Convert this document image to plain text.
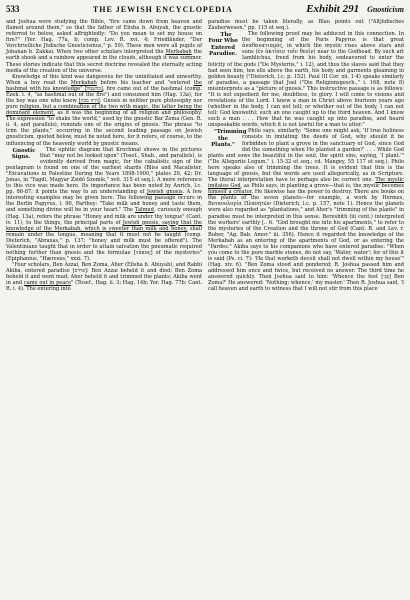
533	THE JEWISH ENCYCLOPEDIA	Exhibit 291 Gnosticism

and Joshua were studying the Bible, "fire came down from heaven and flamed around them," so that the father of Elisha b. Abuyah, the gnostic referred to below, asked affrightedly: "Do you mean to set my house on fire?" (Yer. Hag. 77a, b; comp. Lev. R. xvi. 4; Friedländer, "Der Vorchristliche Jüdische Gnosticismus," p. 59). These men were all pupils of Johanan b. Zakkai. When two other scholars interpreted the Merkabah the earth shook and a rainbow appeared in the clouds, although it was summer. These stories indicate that this secret doctrine revealed the eternally acting media of the creation of the universe.

Knowledge of this kind was dangerous for the uninitiated and unworthy. When a boy read the Merkabah before his teacher and "entered the hashmal with his knowledge" [בהשמל], fire came out of the hashmal (comp. Ezek. i. 4, "as hashmal out of the fire") and consumed him (Hag. 13a), for the boy was one who knew [היה מבין]. Gnosis in neither pure philosophy nor pure religion, but a combination of the two with magic, the latter being the dominant element, as it was the beginning of all religion and philosophy. The expression "to shake the world," used by the gnostic Bar Zoma (Gen. R. ii. 4, and parallels), reminds one of the origins of gnosis. The phrase "to trim the plants," occurring in the second leading passage on Jewish gnosticism, quoted below, must be noted here, for it refers, of course, to the influencing of the heavenly world by gnostic means.

Gnostic Signs.
The ophitic diagram that Krochmal shows in the pictures that "may not be looked upon" (Tosef., Shab., and parallels), is evidently derived from magic, for the cabalistic sign of the pentagram is found on one of the earliest shards (Bliss and Macalister, "Excavations in Palestine During the Years 1898-1900," plates 29, 42; Dr. Jonas, in "Yagdi, Magyar Zsidó Szemle," xvii. 315 et seq.). A more reference to this vice was made here. Its importance has been noted by Anrich, l.c. pp. 86-87; it points the way to an understanding of Jewish gnosis. A few interesting examples may be given here. The following passage occurs in the Berlin Papyrus, l. 90, Parthey: "Take milk and honey and taste them, and something divine will be in your heart." The Talmud, curiously enough (Hag. 13a), refers the phrase "Honey and milk are under thy tongue" (Cant. iv. 11), to the things, the principal parts of Jewish gnosis, saying that the knowledge of the Merkabah, which is sweeter than milk and honey, shall remain under the tongue, meaning that it must not be taught (comp. Dieterich, "Abraxas," p. 137; "honey and milk must be offered"). The Valentinians taught that in order to attain salvation the pneumatic required nothing further than gnosis and the formulae [τύπος] of the mysteries" (Epiphanius, "Hæreses," xxxi. 7).

"Four scholars, Ben Azzai, Ben Zoma, Aher (Elisha b. Abuyah), and Rabbi Akiba, entered paradise [פרדס]: Ben Azzai beheld it and died; Ben Zoma beheld it and went mad; Aher beheld it and trimmed the plants; Akiba went in and came out in peace" (Tosef., Hag. ii. 3; Hag. 14b; Yer. Hag. 77b; Cant. R. i. 4). The entering into

paradise must be taken literally, as Blau points out ("Altjüdisches Zauberwesen," pp. 115 et seq.).

The Four Who Entered Paradise.
The following proof may be adduced in this connection. In the beginning of the Paris Papyrus is that great ἀναθανατισμός, in which the mystic rises above stars and suns (ἐν ἀκτῖσιν τοῖν θεοῖν) near to the Godhead. By such art Iamblichus, freed from his body, endeavored to enter the felicity of the gods ("De Mysteriis," i. 12), and thus the slaves said that they had seen him, ten ells above the earth, his body and garments gleaming in golden beauty ("Dieterich, l.c. p. 152). Paul (II Cor. xii. 1-4) speaks similarly of paradise, a passage that Joel ("Die Religionsgesch.," i. 168, note 8) misinterprets as a "picture of gnosis." This instructive passage is as follows: "It is not expedient for me, doubtless, to glory. I will come to visions and revelations of the Lord. I knew a man in Christ above fourteen years ago (whether in the body, I can not tell; or whether out of the body, I can not tell: God knoweth); such an one caught up to the third heaven. And I know such a man . . . How that he was caught up into paradise, and heard unspeakable words, which it is not lawful for a man to utter."

"Trimming the Plants."
Philo says, similarly: "Some one might ask, 'If true holiness consists in imitating the deeds of God, why should it be forbidden to plant a grove in the sanctuary of God, since God did the something when He planted a garden?' . . . While God plants and sows the beautiful in the soul, the spirit sins, saying, 'I plant.'" ("De Allegoriis Legum," i. 15-32 et seq.; cd. Mangey, 55 117 et seq.). Philo here speaks also of trimming the trees. It is evident that this is the language of gnosis, but the words are used allegorically, as in Scripture. The literal interpretation have to perhaps also be correct one. The mystic imitates God, as Philo says, in planting a grove—that is, the mystic becomes himself a creator. He likewise has the power to destroy. There are books on the plants of the seven planets—for example, a work by Hermes, Βοτανολογία Πλανητῶν (Dieterich, l.c. p. 157, note 1). Hence the planets were also regarded as "plantations," and Aher's "trimming of the plants" in paradise must be interpreted in this sense. Bereshith (iii cent.) interpreted the workers' earthly [.. 6. "God brought me into his apartments," to refer to the mysteries of the Creation and the throne of God (Cant. R. and Lev. r. Buber, "Ag. Bab. Amor." iii. 356). Hence it regarded the knowledge of the Merkabah as an entering of the apartments of God, or as entering the "Pardes." Akiba says to his companions who have entered paradise: "When you come to the pure marble stones, do not say, 'Water, water'; for of this it is said (Ps. ci. 7): 'He that worketh deceit shall not dwell within my house'" (Hag. xiv. 6). "Ben Zoma stood and pondered; R. Joshua passed him and addressed him once and twice, but received no answer. The third time he answered quickly. Then Joshua said to him: 'Whence the feet [פְּנֵי] Ben Zoma?' He answered: 'Nothing; whence,' my master.' Then R. Joshua said, 'I call heaven and earth to witness that I will not stir from this place
